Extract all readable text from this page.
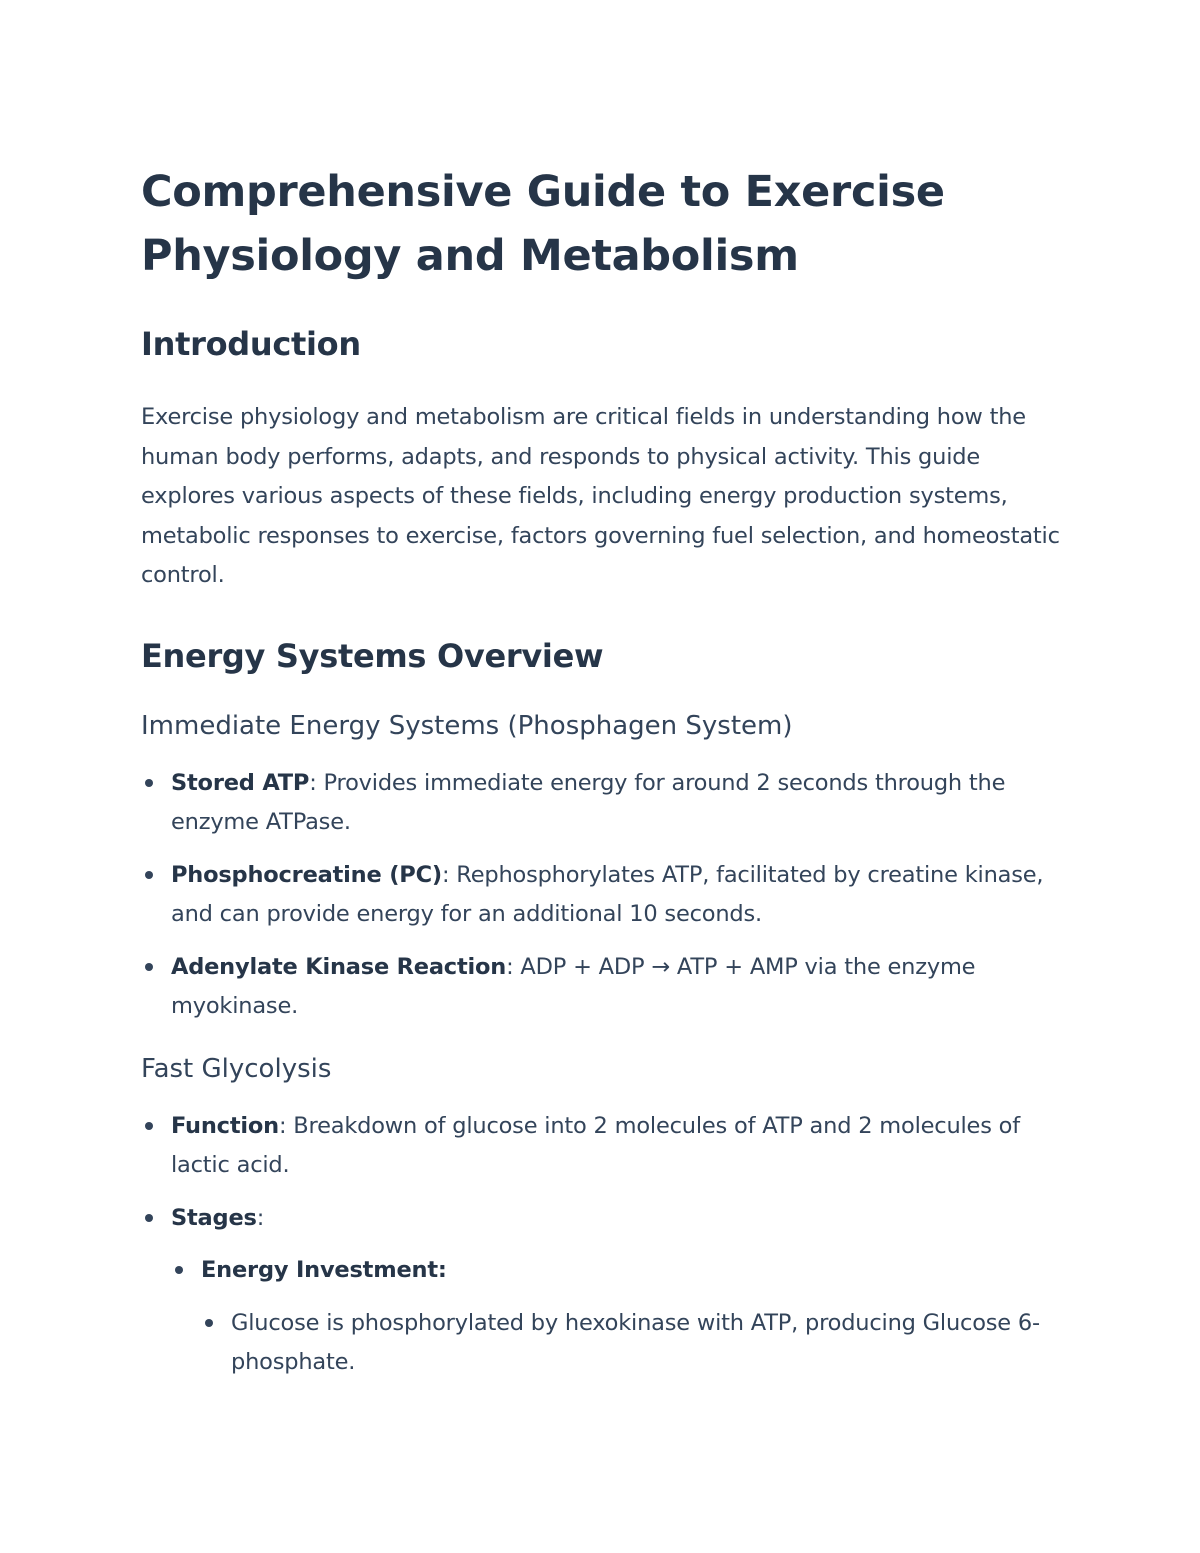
Comprehensive Guide to Exercise Physiology and Metabolism
Introduction

Exercise physiology and metabolism are critical fields in understanding how the human body performs, adapts, and responds to physical activity. This guide explores various aspects of these fields, including energy production systems, metabolic responses to exercise, factors governing fuel selection, and homeostatic control.

Energy Systems Overview
Immediate Energy Systems (Phosphagen System)
Stored ATP: Provides immediate energy for around 2 seconds through the enzyme ATPase.
Phosphocreatine (PC): Rephosphorylates ATP, facilitated by creatine kinase, and can provide energy for an additional 10 seconds.
Adenylate Kinase Reaction: ADP + ADP → ATP + AMP via the enzyme myokinase.
Fast Glycolysis
Function: Breakdown of glucose into 2 molecules of ATP and 2 molecules of lactic acid.
Stages:
Energy Investment:
Glucose is phosphorylated by hexokinase with ATP, producing Glucose 6-phosphate.
